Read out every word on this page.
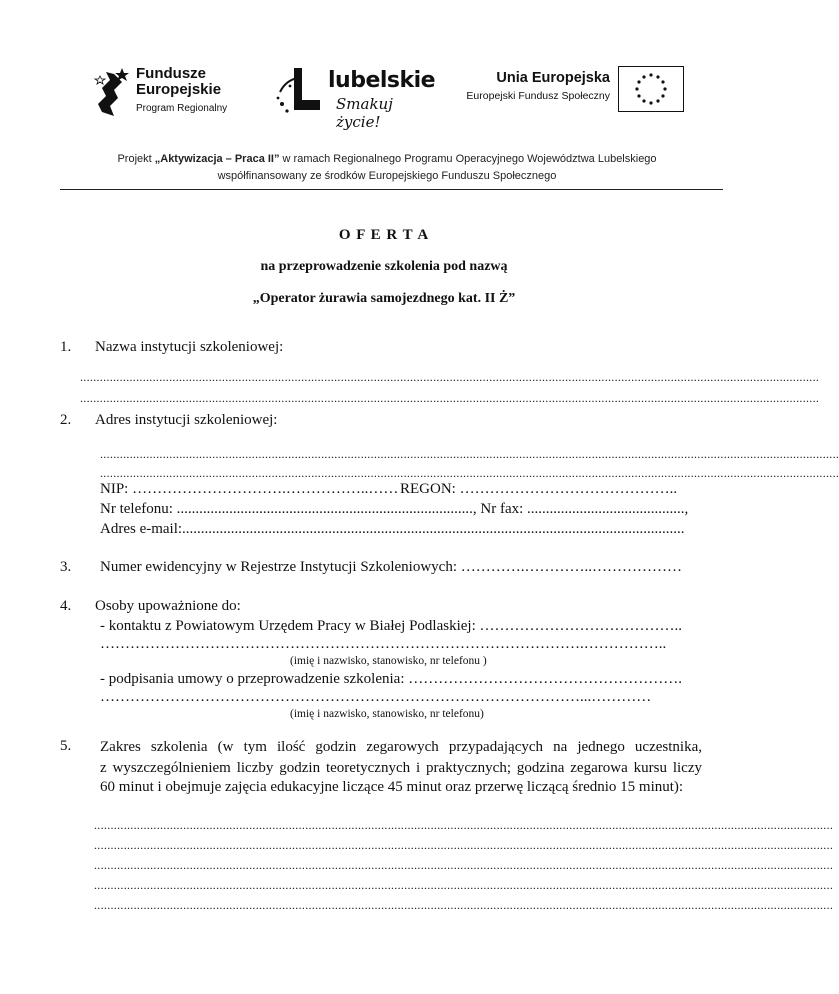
Fundusze
Europejskie
Program Regionalny
lubelskie
Smakuj życie!
Unia Europejska
Europejski Fundusz Społeczny
Projekt „Aktywizacja – Praca II” w ramach Regionalnego Programu Operacyjnego Województwa Lubelskiego
współfinansowany ze środków Europejskiego Funduszu Społecznego
O F E R T A
na przeprowadzenie szkolenia pod nazwą
„Operator żurawia samojezdnego kat. II Ż”
1. Nazwa instytucji szkoleniowej:
................................................................................................................................................................................................................................
................................................................................................................................................................................................................................
2. Adres instytucji szkoleniowej:
................................................................................................................................................................................................................................
................................................................................................................................................................................................................................
NIP: ………………………….……………..…… REGON: ……………………………………..
Nr telefonu: ..............................................................................., Nr fax: ..........................................,
Adres e-mail:......................................................................................................................................
3. Numer ewidencyjny w Rejestrze Instytucji Szkoleniowych: ………….…………..………………
4. Osoby upoważnione do:
- kontaktu z Powiatowym Urzędem Pracy w Białej Podlaskiej: …………………………………..
…………………………………………………………………………………….……………..
(imię i nazwisko, stanowisko, nr telefonu )
- podpisania umowy o przeprowadzenie szkolenia: ……………………………………………….
……………………………………………………………………………………...…………
(imię i nazwisko, stanowisko, nr telefonu)
5. Zakres szkolenia (w tym ilość godzin zegarowych przypadających na jednego uczestnika,
z wyszczególnieniem liczby godzin teoretycznych i praktycznych; godzina zegarowa kursu liczy
60 minut i obejmuje zajęcia edukacyjne liczące 45 minut oraz przerwę liczącą średnio 15 minut):
................................................................................................................................................................................................................................
................................................................................................................................................................................................................................
................................................................................................................................................................................................................................
................................................................................................................................................................................................................................
................................................................................................................................................................................................................................
